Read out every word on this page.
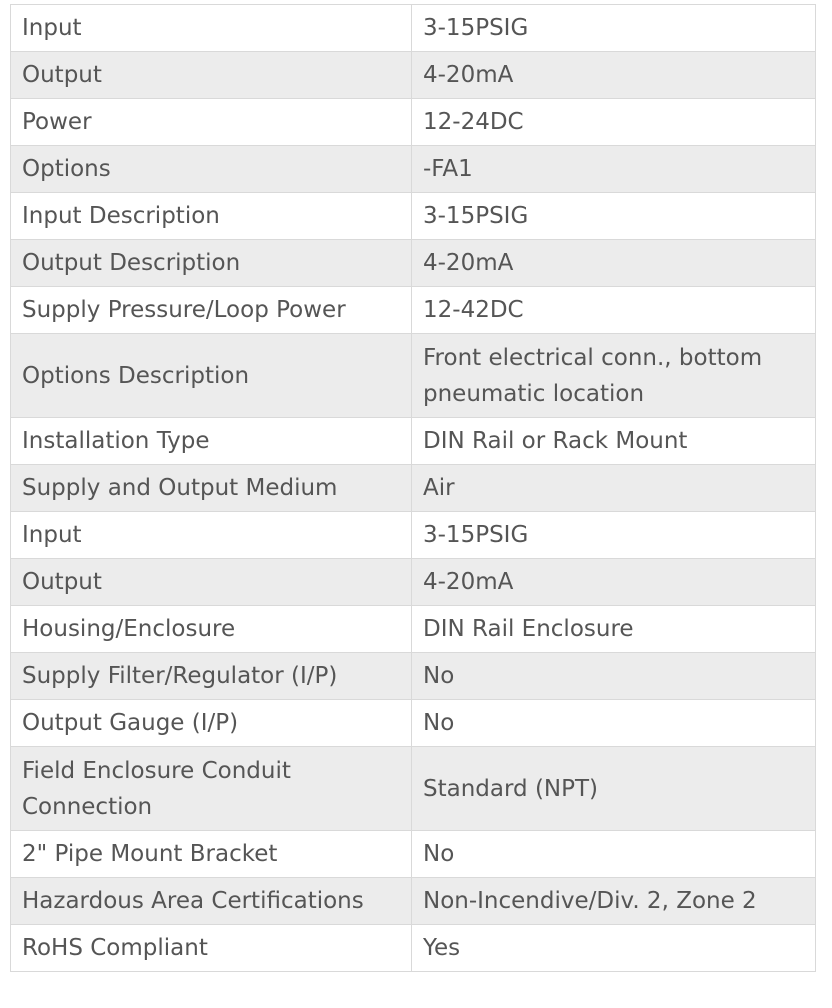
Input	3-15PSIG
Output	4-20mA
Power	12-24DC
Options	-FA1
Input Description	3-15PSIG
Output Description	4-20mA
Supply Pressure/Loop Power	12-42DC
Options Description	Front electrical conn., bottom pneumatic location
Installation Type	DIN Rail or Rack Mount
Supply and Output Medium	Air
Input	3-15PSIG
Output	4-20mA
Housing/Enclosure	DIN Rail Enclosure
Supply Filter/Regulator (I/P)	No
Output Gauge (I/P)	No
Field Enclosure Conduit Connection	Standard (NPT)
2" Pipe Mount Bracket	No
Hazardous Area Certifications	Non-Incendive/Div. 2, Zone 2
RoHS Compliant	Yes
